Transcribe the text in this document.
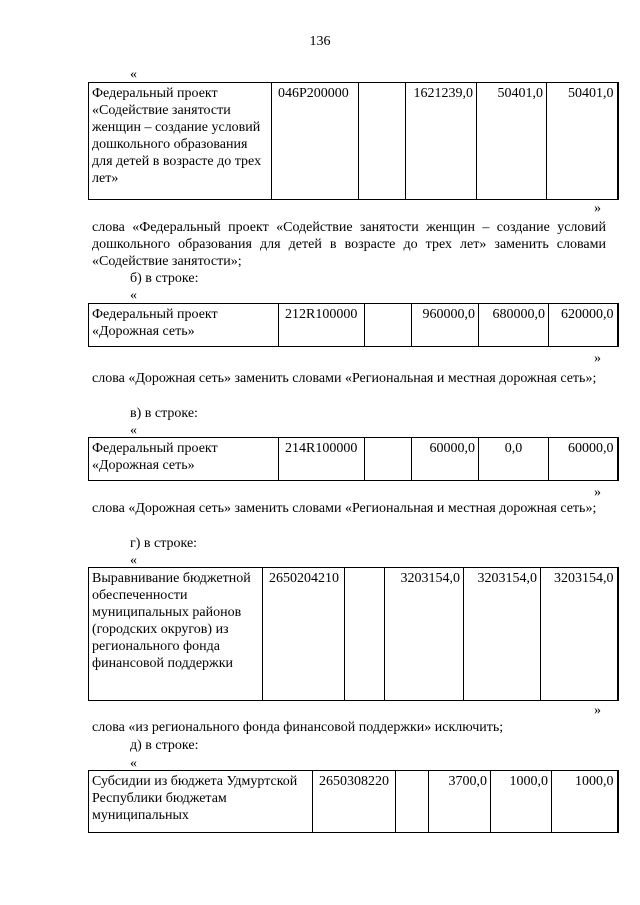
136
«
Федеральный проект «Содействие занятости женщин – создание условий дошкольного образования для детей в возрасте до трех лет»	046P200000		1621239,0	50401,0	50401,0
»
слова «Федеральный проект «Содействие занятости женщин – создание условий дошкольного образования для детей в возрасте до трех лет» заменить словами «Содействие занятости»;
б) в строке:
«
Федеральный проект «Дорожная сеть»	212R100000		960000,0	680000,0	620000,0
»
слова «Дорожная сеть» заменить словами «Региональная и местная дорожная сеть»;
в) в строке:
«
Федеральный проект «Дорожная сеть»	214R100000		60000,0	0,0	60000,0
»
слова «Дорожная сеть» заменить словами «Региональная и местная дорожная сеть»;
г) в строке:
«
Выравнивание бюджетной обеспеченности муниципальных районов (городских округов) из регионального фонда финансовой поддержки	2650204210		3203154,0	3203154,0	3203154,0
»
слова «из регионального фонда финансовой поддержки» исключить;
д) в строке:
«
Субсидии из бюджета Удмуртской Республики бюджетам муниципальных	2650308220		3700,0	1000,0	1000,0
